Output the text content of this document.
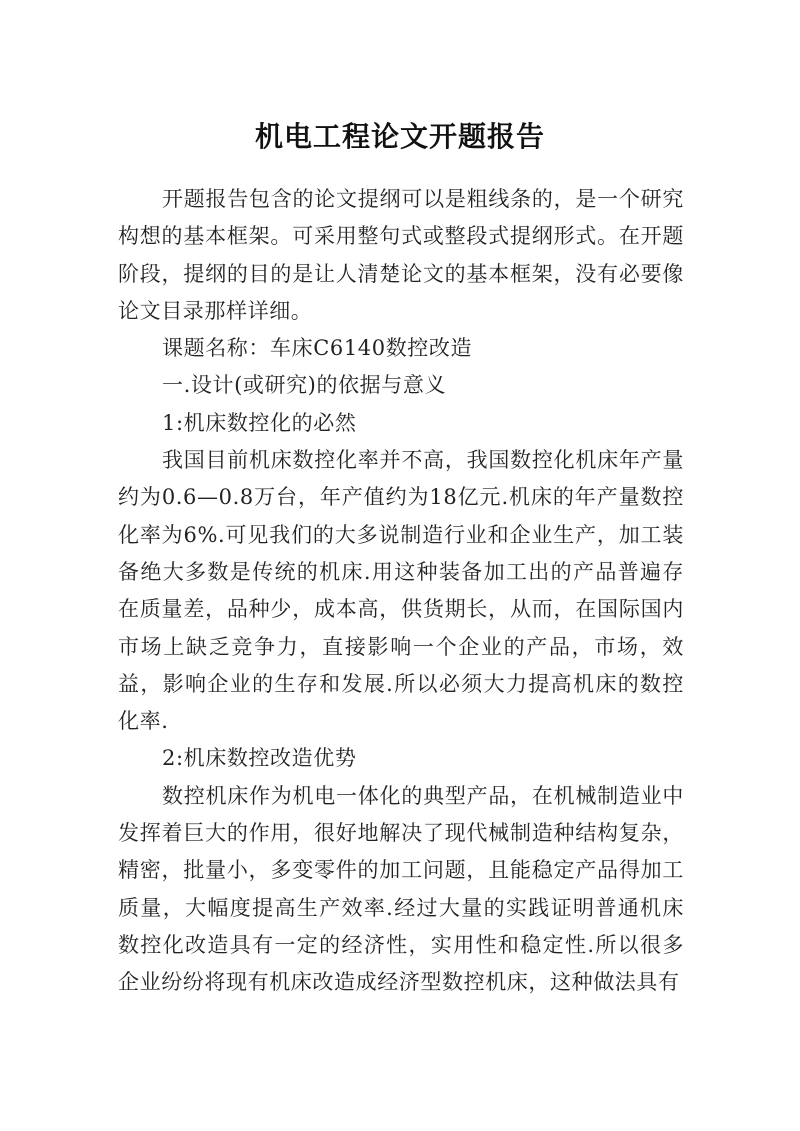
机电工程论文开题报告

开题报告包含的论文提纲可以是粗线条的，是一个研究构想的基本框架。可采用整句式或整段式提纲形式。在开题阶段，提纲的目的是让人清楚论文的基本框架，没有必要像论文目录那样详细。

课题名称：车床C6140数控改造

一.设计(或研究)的依据与意义

1:机床数控化的必然

我国目前机床数控化率并不高，我国数控化机床年产量约为0.6—0.8万台，年产值约为18亿元.机床的年产量数控化率为6%.可见我们的大多说制造行业和企业生产，加工装备绝大多数是传统的机床.用这种装备加工出的产品普遍存在质量差，品种少，成本高，供货期长，从而，在国际国内市场上缺乏竞争力，直接影响一个企业的产品，市场，效益，影响企业的生存和发展.所以必须大力提高机床的数控化率.

2:机床数控改造优势

数控机床作为机电一体化的典型产品，在机械制造业中发挥着巨大的作用，很好地解决了现代械制造种结构复杂，精密，批量小，多变零件的加工问题，且能稳定产品得加工质量，大幅度提高生产效率.经过大量的实践证明普通机床数控化改造具有一定的经济性，实用性和稳定性.所以很多企业纷纷将现有机床改造成经济型数控机床，这种做法具有
